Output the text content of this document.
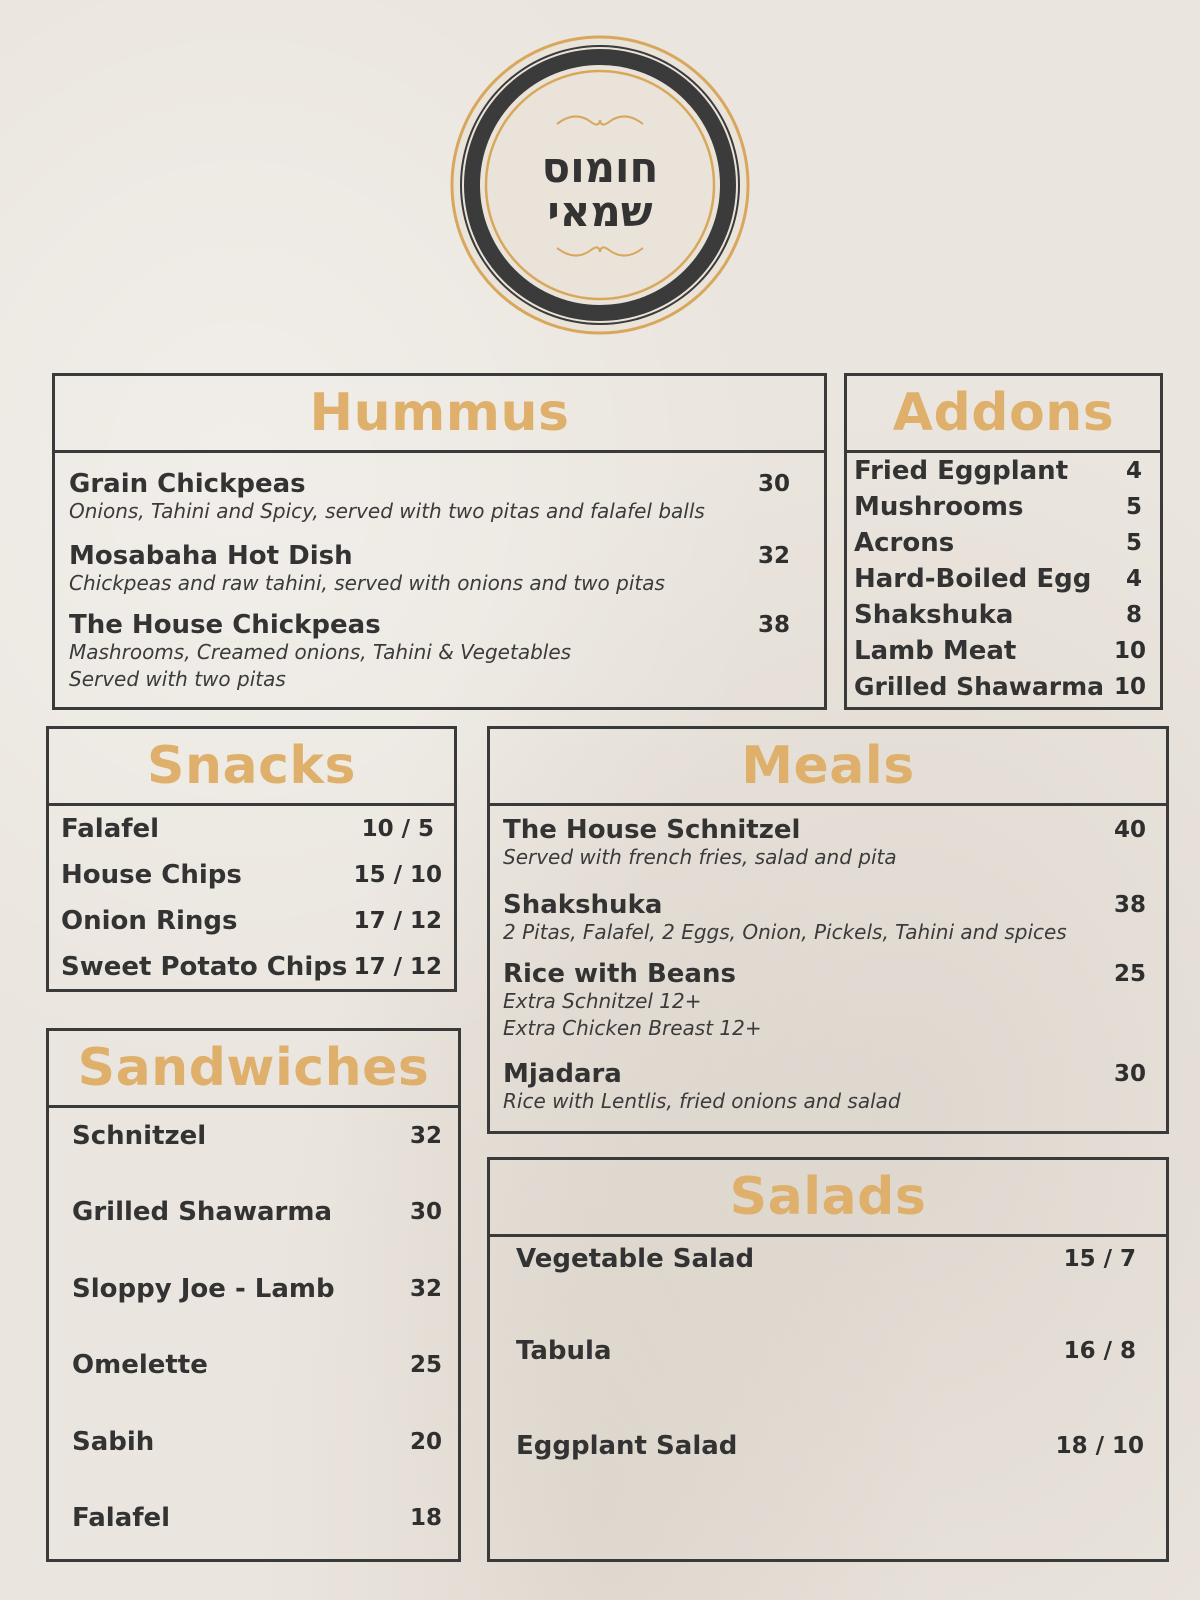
חומוס
שמאי
Hummus
Grain Chickpeas	30
Onions, Tahini and Spicy, served with two pitas and falafel balls
Mosabaha Hot Dish	32
Chickpeas and raw tahini, served with onions and two pitas
The House Chickpeas	38
Mashrooms, Creamed onions, Tahini & Vegetables
Served with two pitas
Addons
Fried Eggplant	4
Mushrooms	5
Acrons	5
Hard-Boiled Egg 4
Shakshuka	8
Lamb Meat	10
Grilled Shawarma 10
Snacks
Falafel	10 / 5
House Chips	15 / 10
Onion Rings	17 / 12
Sweet Potato Chips 17 / 12
Meals
The House Schnitzel	40
Served with french fries, salad and pita
Shakshuka	38
2 Pitas, Falafel, 2 Eggs, Onion, Pickels, Tahini and spices
Rice with Beans	25
Extra Schnitzel 12+
Extra Chicken Breast 12+
Mjadara	30
Rice with Lentlis, fried onions and salad
Sandwiches
Schnitzel	32
Grilled Shawarma	30
Sloppy Joe - Lamb	32
Omelette	25
Sabih	20
Falafel	18
Salads
Vegetable Salad	15 / 7
Tabula	16 / 8
Eggplant Salad	18 / 10
